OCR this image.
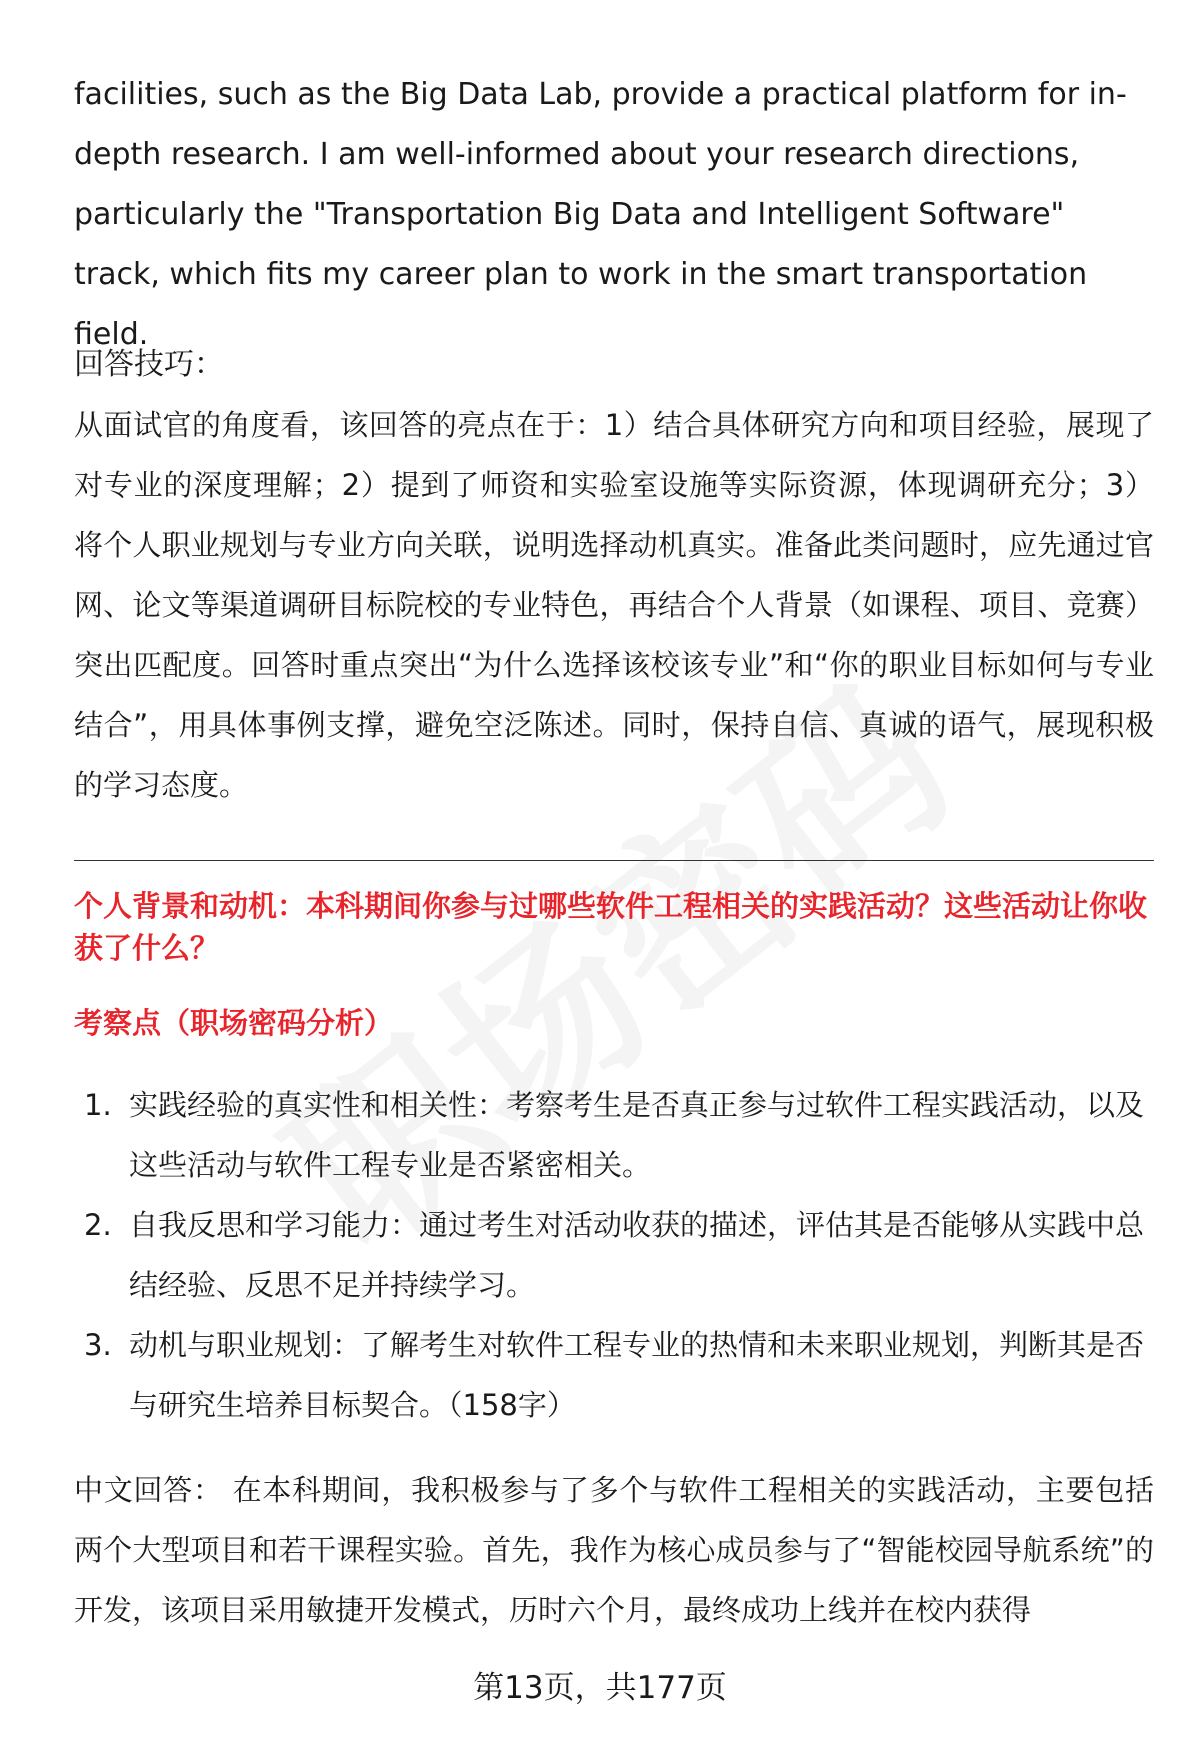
facilities, such as the Big Data Lab, provide a practical platform for in-depth research. I am well-informed about your research directions, particularly the "Transportation Big Data and Intelligent Software" track, which fits my career plan to work in the smart transportation field.

回答技巧：
从面试官的角度看，该回答的亮点在于：1）结合具体研究方向和项目经验，展现了对专业的深度理解；2）提到了师资和实验室设施等实际资源，体现调研充分；3）将个人职业规划与专业方向关联，说明选择动机真实。准备此类问题时，应先通过官网、论文等渠道调研目标院校的专业特色，再结合个人背景（如课程、项目、竞赛）突出匹配度。回答时重点突出“为什么选择该校该专业”和“你的职业目标如何与专业结合”，用具体事例支撑，避免空泛陈述。同时，保持自信、真诚的语气，展现积极的学习态度。
个人背景和动机：本科期间你参与过哪些软件工程相关的实践活动？这些活动让你收获了什么？
考察点（职场密码分析）
1. 实践经验的真实性和相关性：考察考生是否真正参与过软件工程实践活动，以及这些活动与软件工程专业是否紧密相关。
2. 自我反思和学习能力：通过考生对活动收获的描述，评估其是否能够从实践中总结经验、反思不足并持续学习。
3. 动机与职业规划：了解考生对软件工程专业的热情和未来职业规划，判断其是否与研究生培养目标契合。（158字）
中文回答： 在本科期间，我积极参与了多个与软件工程相关的实践活动，主要包括两个大型项目和若干课程实验。首先，我作为核心成员参与了“智能校园导航系统”的开发，该项目采用敏捷开发模式，历时六个月，最终成功上线并在校内获得
第13页，共177页
